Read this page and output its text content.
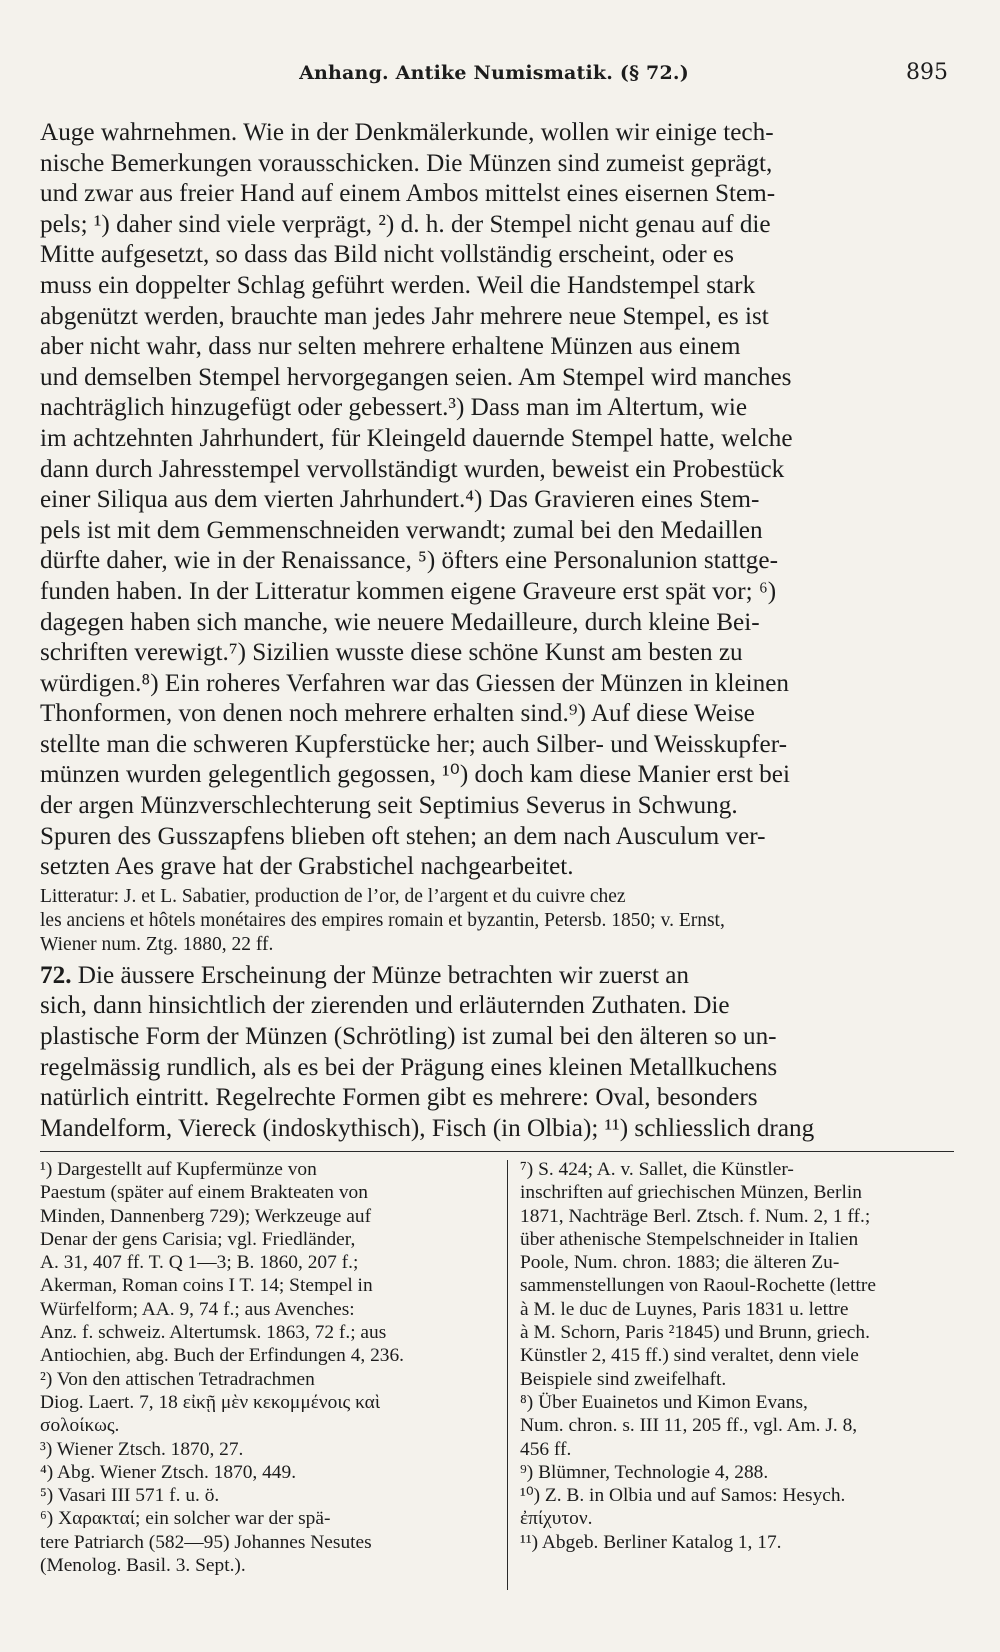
Anhang. Antike Numismatik. (§ 72.)	895
Auge wahrnehmen. Wie in der Denkmälerkunde, wollen wir einige tech-
nische Bemerkungen vorausschicken. Die Münzen sind zumeist geprägt,
und zwar aus freier Hand auf einem Ambos mittelst eines eisernen Stem-
pels; ¹) daher sind viele verprägt, ²) d. h. der Stempel nicht genau auf die
Mitte aufgesetzt, so dass das Bild nicht vollständig erscheint, oder es
muss ein doppelter Schlag geführt werden. Weil die Handstempel stark
abgenützt werden, brauchte man jedes Jahr mehrere neue Stempel, es ist
aber nicht wahr, dass nur selten mehrere erhaltene Münzen aus einem
und demselben Stempel hervorgegangen seien. Am Stempel wird manches
nachträglich hinzugefügt oder gebessert.³) Dass man im Altertum, wie
im achtzehnten Jahrhundert, für Kleingeld dauernde Stempel hatte, welche
dann durch Jahresstempel vervollständigt wurden, beweist ein Probestück
einer Siliqua aus dem vierten Jahrhundert.⁴) Das Gravieren eines Stem-
pels ist mit dem Gemmenschneiden verwandt; zumal bei den Medaillen
dürfte daher, wie in der Renaissance, ⁵) öfters eine Personalunion stattge-
funden haben. In der Litteratur kommen eigene Graveure erst spät vor; ⁶)
dagegen haben sich manche, wie neuere Medailleure, durch kleine Bei-
schriften verewigt.⁷) Sizilien wusste diese schöne Kunst am besten zu
würdigen.⁸) Ein roheres Verfahren war das Giessen der Münzen in kleinen
Thonformen, von denen noch mehrere erhalten sind.⁹) Auf diese Weise
stellte man die schweren Kupferstücke her; auch Silber- und Weisskupfer-
münzen wurden gelegentlich gegossen, ¹⁰) doch kam diese Manier erst bei
der argen Münzverschlechterung seit Septimius Severus in Schwung.
Spuren des Gusszapfens blieben oft stehen; an dem nach Ausculum ver-
setzten Aes grave hat der Grabstichel nachgearbeitet.
Litteratur: J. et L. Sabatier, production de l’or, de l’argent et du cuivre chez
les anciens et hôtels monétaires des empires romain et byzantin, Petersb. 1850; v. Ernst,
Wiener num. Ztg. 1880, 22 ff.
72. Die äussere Erscheinung der Münze betrachten wir zuerst an
sich, dann hinsichtlich der zierenden und erläuternden Zuthaten. Die
plastische Form der Münzen (Schrötling) ist zumal bei den älteren so un-
regelmässig rundlich, als es bei der Prägung eines kleinen Metallkuchens
natürlich eintritt. Regelrechte Formen gibt es mehrere: Oval, besonders
Mandelform, Viereck (indoskythisch), Fisch (in Olbia); ¹¹) schliesslich drang
¹) Dargestellt auf Kupfermünze von
Paestum (später auf einem Brakteaten von
Minden, Dannenberg 729); Werkzeuge auf
Denar der gens Carisia; vgl. Friedländer,
A. 31, 407 ff. T. Q 1—3; B. 1860, 207 f.;
Akerman, Roman coins I T. 14; Stempel in
Würfelform; AA. 9, 74 f.; aus Avenches:
Anz. f. schweiz. Altertumsk. 1863, 72 f.; aus
Antiochien, abg. Buch der Erfindungen 4, 236.
²) Von den attischen Tetradrachmen
Diog. Laert. 7, 18 εἰκῇ μὲν κεκομμένοις καὶ
σολοίκως.
³) Wiener Ztsch. 1870, 27.
⁴) Abg. Wiener Ztsch. 1870, 449.
⁵) Vasari III 571 f. u. ö.
⁶) Χαρακταί; ein solcher war der spä-
tere Patriarch (582—95) Johannes Nesutes
(Menolog. Basil. 3. Sept.).
⁷) S. 424; A. v. Sallet, die Künstler-
inschriften auf griechischen Münzen, Berlin
1871, Nachträge Berl. Ztsch. f. Num. 2, 1 ff.;
über athenische Stempelschneider in Italien
Poole, Num. chron. 1883; die älteren Zu-
sammenstellungen von Raoul-Rochette (lettre
à M. le duc de Luynes, Paris 1831 u. lettre
à M. Schorn, Paris ²1845) und Brunn, griech.
Künstler 2, 415 ff.) sind veraltet, denn viele
Beispiele sind zweifelhaft.
⁸) Über Euainetos und Kimon Evans,
Num. chron. s. III 11, 205 ff., vgl. Am. J. 8,
456 ff.
⁹) Blümner, Technologie 4, 288.
¹⁰) Z. B. in Olbia und auf Samos: Hesych.
ἐπίχυτον.
¹¹) Abgeb. Berliner Katalog 1, 17.
